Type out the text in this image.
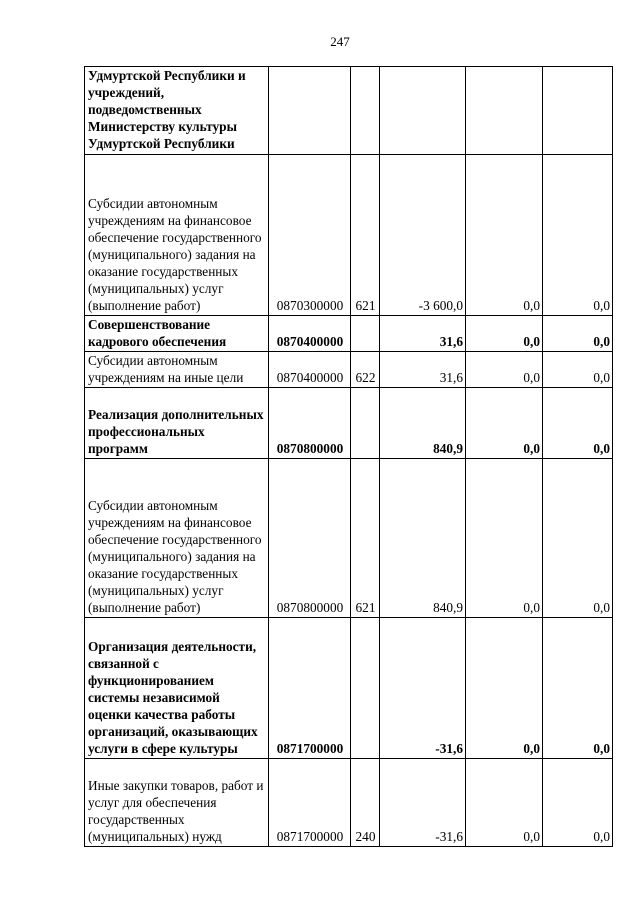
247
Удмуртской Республики и учреждений, подведомственных Министерству культуры Удмуртской Республики					
Субсидии автономным учреждениям на финансовое обеспечение государственного (муниципального) задания на оказание государственных (муниципальных) услуг (выполнение работ)	0870300000	621	-3 600,0	0,0	0,0
Совершенствование кадрового обеспечения	0870400000		31,6	0,0	0,0
Субсидии автономным учреждениям на иные цели	0870400000	622	31,6	0,0	0,0
Реализация дополнительных профессиональных программ	0870800000		840,9	0,0	0,0
Субсидии автономным учреждениям на финансовое обеспечение государственного (муниципального) задания на оказание государственных (муниципальных) услуг (выполнение работ)	0870800000	621	840,9	0,0	0,0
Организация деятельности, связанной с функционированием системы независимой оценки качества работы организаций, оказывающих услуги в сфере культуры	0871700000		-31,6	0,0	0,0
Иные закупки товаров, работ и услуг для обеспечения государственных (муниципальных) нужд	0871700000	240	-31,6	0,0	0,0
